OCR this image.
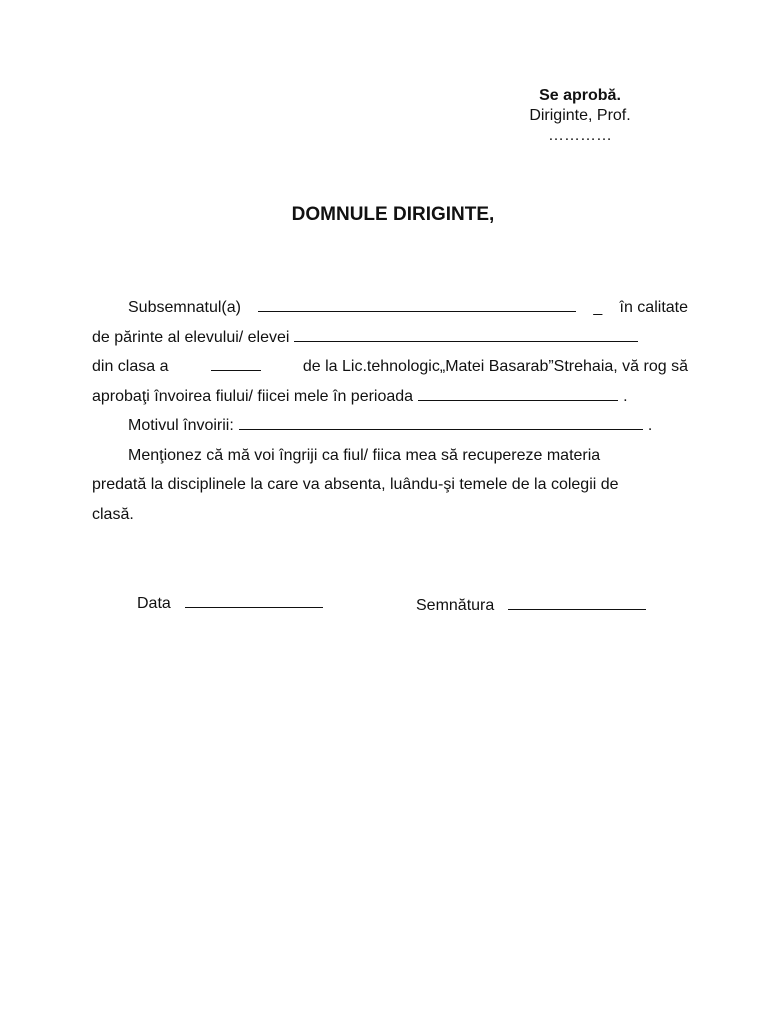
Se aprobă.
Diriginte, Prof.
…………
DOMNULE DIRIGINTE,
Subsemnatul(a)	_ în calitate
de părinte al elevului/ elevei
din clasa a	de la Lic.tehnologic„Matei Basarab”Strehaia, vă rog să
aprobaţi învoirea fiului/ fiicei mele în perioada	.
Motivul învoirii:	.
Menţionez că mă voi îngriji ca fiul/ fiica mea să recupereze materia
predată la disciplinele la care va absenta, luându-şi temele de la colegii de
clasă.
Data	Semnătura
